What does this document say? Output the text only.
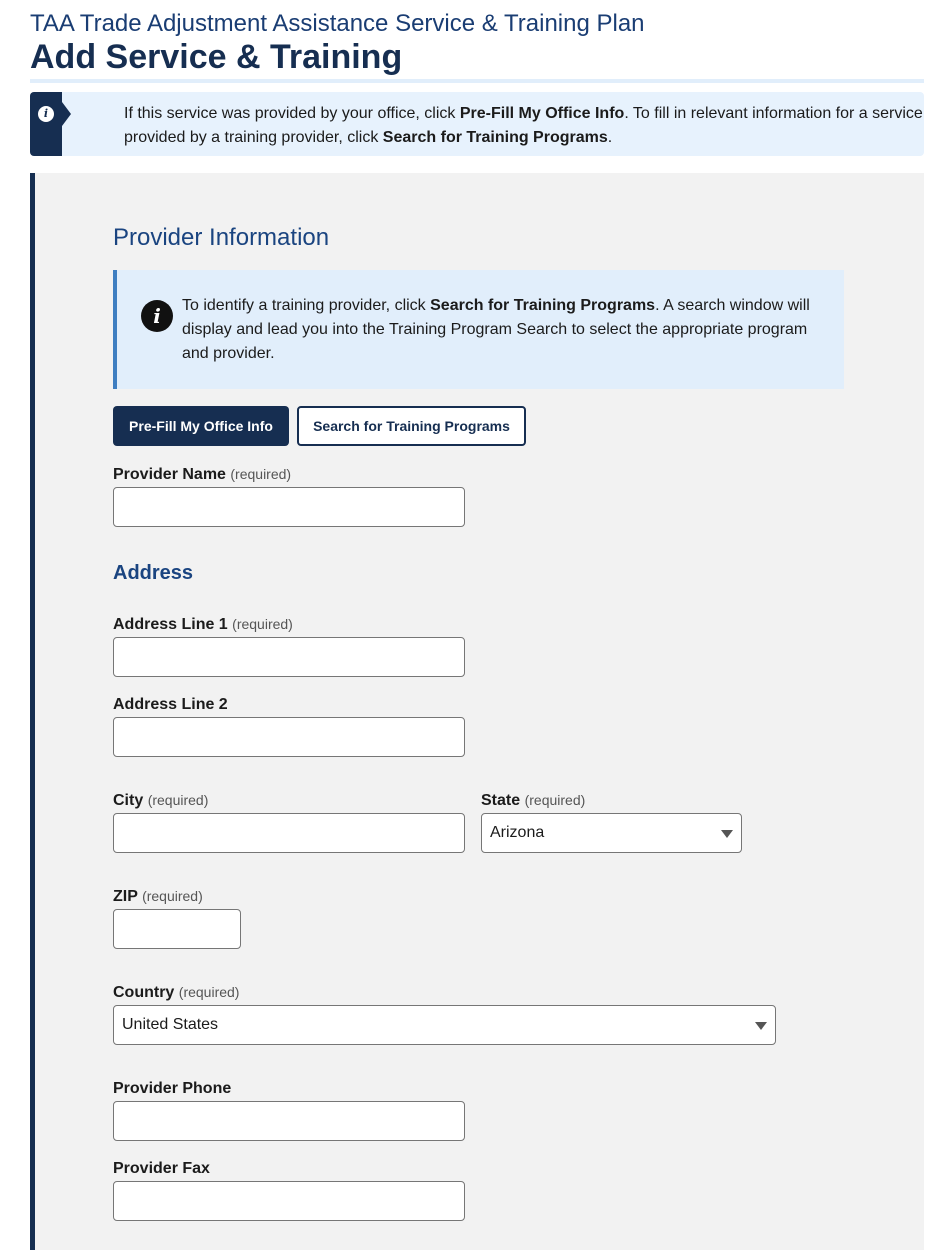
TAA Trade Adjustment Assistance Service & Training Plan
Add Service & Training
i	If this service was provided by your office, click Pre-Fill My Office Info. To fill in relevant information for a service provided by a training provider, click Search for Training Programs.

Provider Information
i	To identify a training provider, click Search for Training Programs. A search window will display and lead you into the Training Program Search to select the appropriate program and provider.

Pre-Fill My Office Info	Search for Training Programs
Provider Name (required)
Address
Address Line 1 (required)
Address Line 2
City (required)	State (required)
Arizona
ZIP (required)
Country (required)
United States
Provider Phone
Provider Fax
